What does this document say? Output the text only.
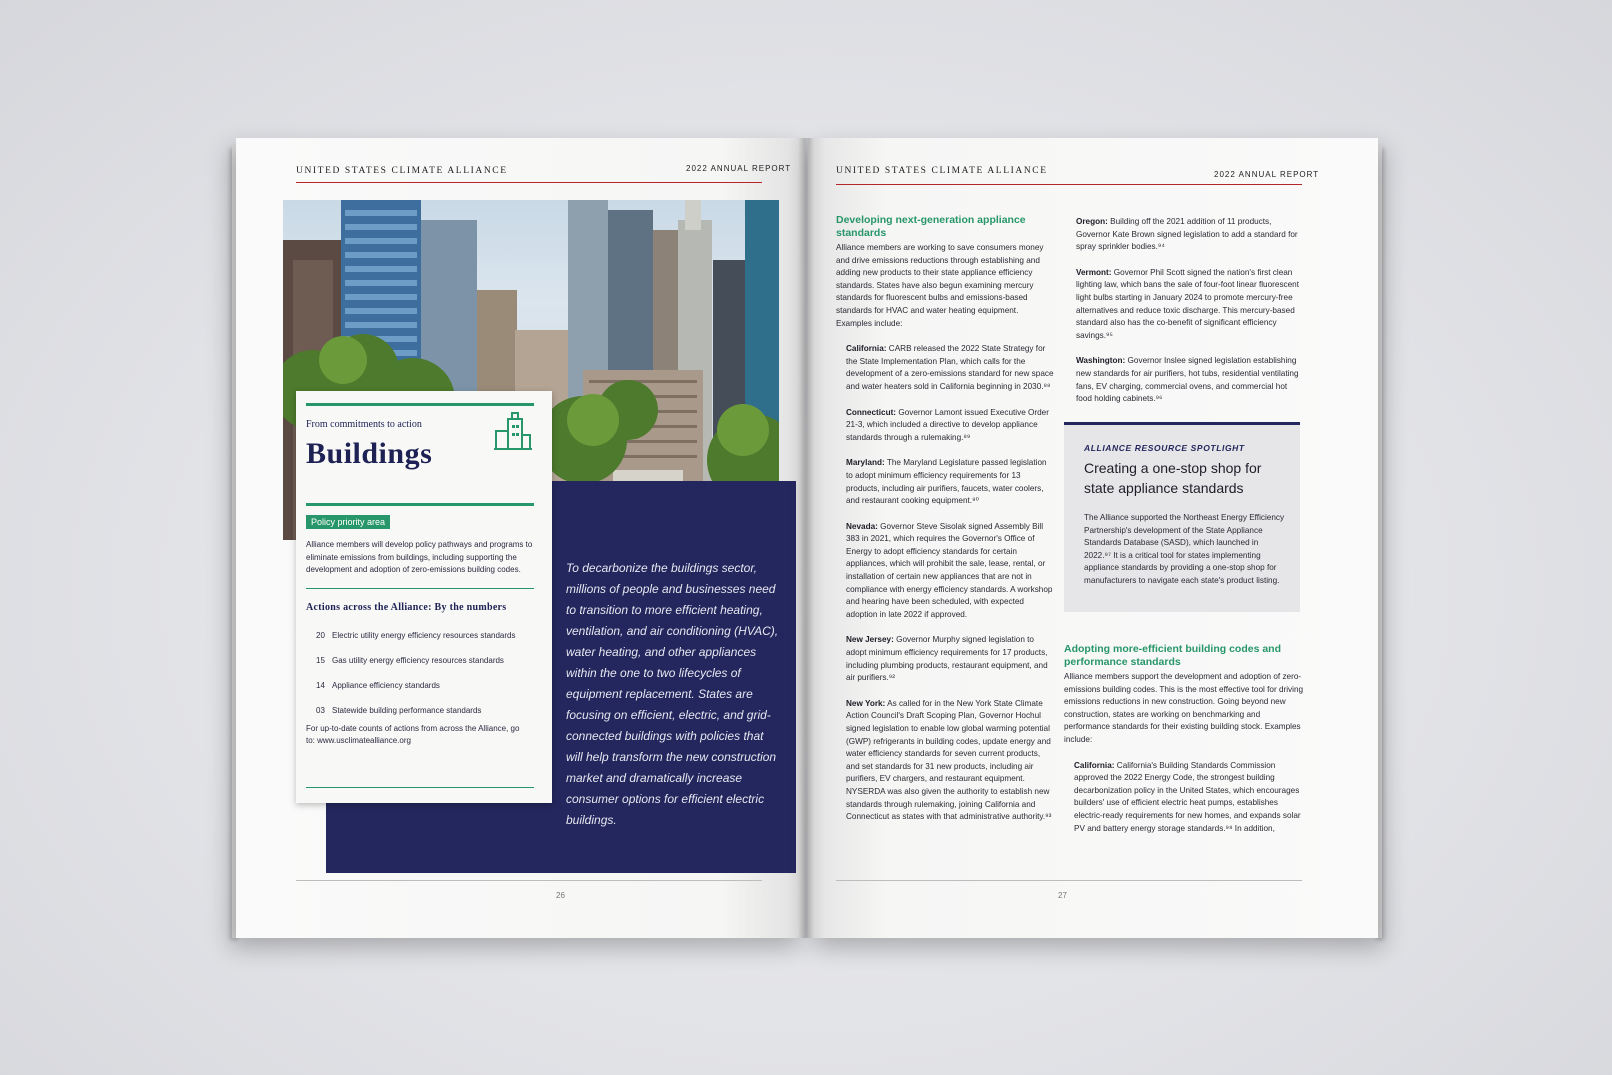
UNITED STATES CLIMATE ALLIANCE	2022 ANNUAL REPORT
To decarbonize the buildings sector, millions of people and businesses need to transition to more efficient heating, ventilation, and air conditioning (HVAC), water heating, and other appliances within the one to two lifecycles of equipment replacement. States are focusing on efficient, electric, and grid-connected buildings with policies that will help transform the new construction market and dramatically increase consumer options for efficient electric buildings.
From commitments to action
Buildings
Policy priority area
Alliance members will develop policy pathways and programs to eliminate emissions from buildings, including supporting the development and adoption of zero-emissions building codes.
Actions across the Alliance: By the numbers
20 Electric utility energy efficiency resources standards
15 Gas utility energy efficiency resources standards
14 Appliance efficiency standards
03 Statewide building performance standards
For up-to-date counts of actions from across the Alliance, go to: www.usclimatealliance.org
26
UNITED STATES CLIMATE ALLIANCE	2022 ANNUAL REPORT
Developing next-generation appliance standards

Alliance members are working to save consumers money and drive emissions reductions through establishing and adding new products to their state appliance efficiency standards. States have also begun examining mercury standards for fluorescent bulbs and emissions-based standards for HVAC and water heating equipment. Examples include:

California: CARB released the 2022 State Strategy for the State Implementation Plan, which calls for the development of a zero-emissions standard for new space and water heaters sold in California beginning in 2030.⁸⁸

Connecticut: Governor Lamont issued Executive Order 21-3, which included a directive to develop appliance standards through a rulemaking.⁸⁹

Maryland: The Maryland Legislature passed legislation to adopt minimum efficiency requirements for 13 products, including air purifiers, faucets, water coolers, and restaurant cooking equipment.⁹⁰

Nevada: Governor Steve Sisolak signed Assembly Bill 383 in 2021, which requires the Governor's Office of Energy to adopt efficiency standards for certain appliances, which will prohibit the sale, lease, rental, or installation of certain new appliances that are not in compliance with energy efficiency standards. A workshop and hearing have been scheduled, with expected adoption in late 2022 if approved.

New Jersey: Governor Murphy signed legislation to adopt minimum efficiency requirements for 17 products, including plumbing products, restaurant equipment, and air purifiers.⁹²

New York: As called for in the New York State Climate Action Council's Draft Scoping Plan, Governor Hochul signed legislation to enable low global warming potential (GWP) refrigerants in building codes, update energy and water efficiency standards for seven current products, and set standards for 31 new products, including air purifiers, EV chargers, and restaurant equipment. NYSERDA was also given the authority to establish new standards through rulemaking, joining California and Connecticut as states with that administrative authority.⁹³

Oregon: Building off the 2021 addition of 11 products, Governor Kate Brown signed legislation to add a standard for spray sprinkler bodies.⁹⁴

Vermont: Governor Phil Scott signed the nation's first clean lighting law, which bans the sale of four-foot linear fluorescent light bulbs starting in January 2024 to promote mercury-free alternatives and reduce toxic discharge. This mercury-based standard also has the co-benefit of significant efficiency savings.⁹⁵

Washington: Governor Inslee signed legislation establishing new standards for air purifiers, hot tubs, residential ventilating fans, EV charging, commercial ovens, and commercial hot food holding cabinets.⁹⁶

ALLIANCE RESOURCE SPOTLIGHT
Creating a one-stop shop for state appliance standards
The Alliance supported the Northeast Energy Efficiency Partnership's development of the State Appliance Standards Database (SASD), which launched in 2022.⁹⁷ It is a critical tool for states implementing appliance standards by providing a one-stop shop for manufacturers to navigate each state's product listing.
Adopting more-efficient building codes and performance standards

Alliance members support the development and adoption of zero-emissions building codes. This is the most effective tool for driving emissions reductions in new construction. Going beyond new construction, states are working on benchmarking and performance standards for their existing building stock. Examples include:

California: California's Building Standards Commission approved the 2022 Energy Code, the strongest building decarbonization policy in the United States, which encourages builders' use of efficient electric heat pumps, establishes electric-ready requirements for new homes, and expands solar PV and battery energy storage standards.⁹⁸ In addition,

27
